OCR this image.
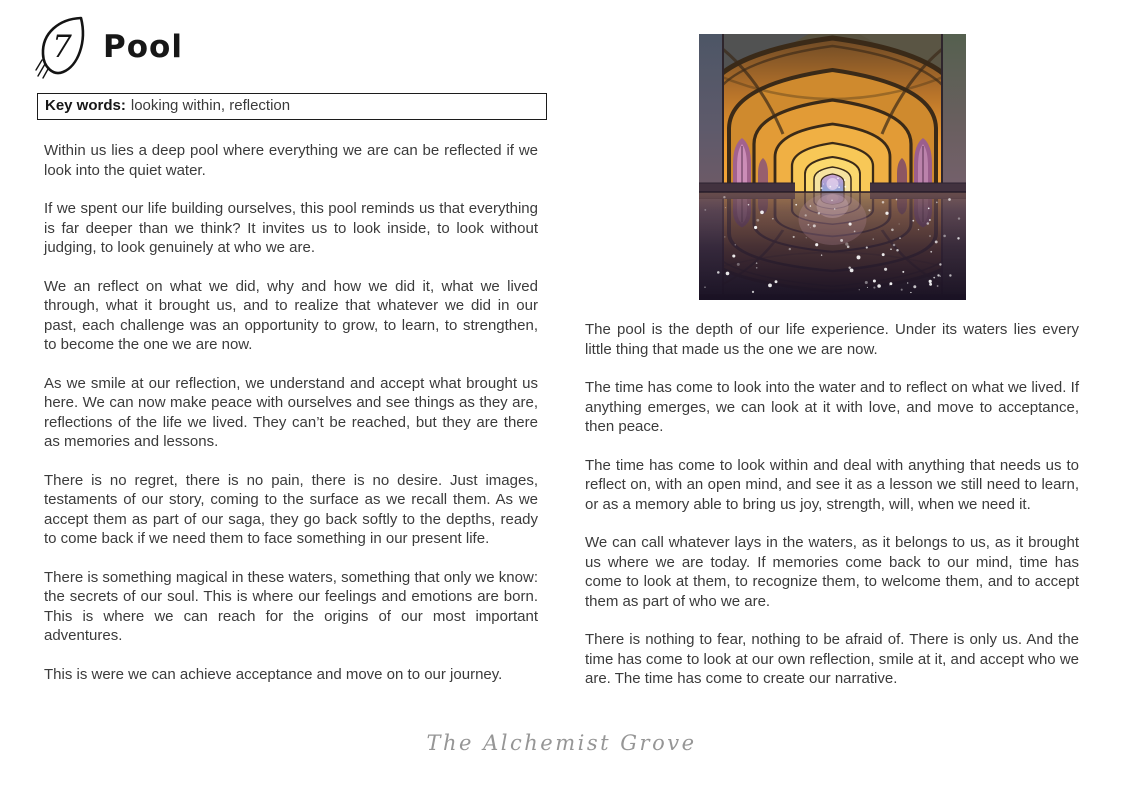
7 Pool
Key words: looking within, reflection

Within us lies a deep pool where everything we are can be reflected if we look into the quiet water.

If we spent our life building ourselves, this pool reminds us that everything is far deeper than we think? It invites us to look inside, to look without judging, to look genuinely at who we are.

We an reflect on what we did, why and how we did it, what we lived through, what it brought us, and to realize that whatever we did in our past, each challenge was an opportunity to grow, to learn, to strengthen, to become the one we are now.

As we smile at our reflection, we understand and accept what brought us here. We can now make peace with ourselves and see things as they are, reflections of the life we lived. They can’t be reached, but they are there as memories and lessons.

There is no regret, there is no pain, there is no desire. Just images, testaments of our story, coming to the surface as we recall them. As we accept them as part of our saga, they go back softly to the depths, ready to come back if we need them to face something in our present life.

There is something magical in these waters, something that only we know: the secrets of our soul. This is where our feelings and emotions are born. This is where we can reach for the origins of our most important adventures.

This is were we can achieve acceptance and move on to our journey.

The pool is the depth of our life experience. Under its waters lies every little thing that made us the one we are now.

The time has come to look into the water and to reflect on what we lived. If anything emerges, we can look at it with love, and move to acceptance, then peace.

The time has come to look within and deal with anything that needs us to reflect on, with an open mind, and see it as a lesson we still need to learn, or as a memory able to bring us joy, strength, will, when we need it.

We can call whatever lays in the waters, as it belongs to us, as it brought us where we are today. If memories come back to our mind, time has come to look at them, to recognize them, to welcome them, and to accept them as part of who we are.

There is nothing to fear, nothing to be afraid of. There is only us. And the time has come to look at our own reflection, smile at it, and accept who we are. The time has come to create our narrative.

The Alchemist Grove
